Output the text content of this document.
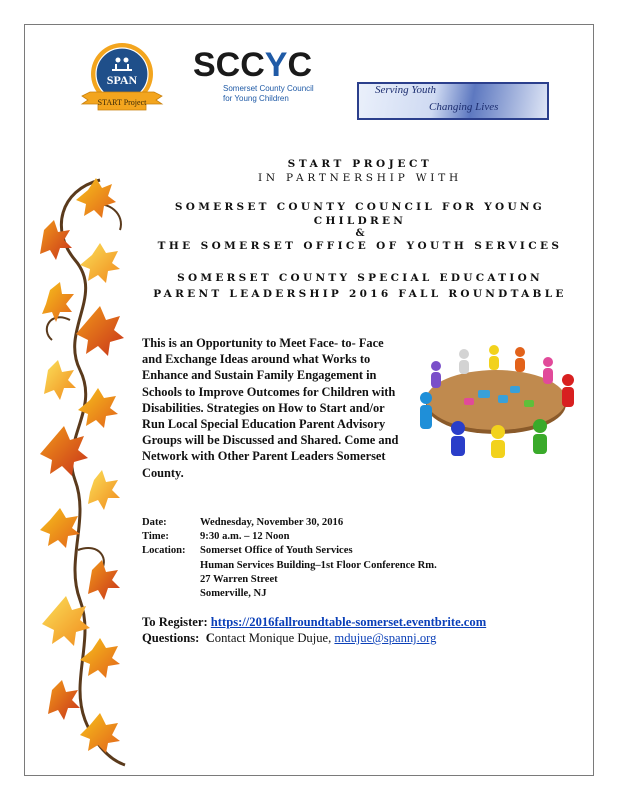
SPAN
START Project
SCCYC
Somerset County Council
for Young Children
Serving Youth
Changing Lives
START PROJECT
IN PARTNERSHIP WITH
SOMERSET COUNTY COUNCIL FOR YOUNG CHILDREN
&
THE SOMERSET OFFICE OF YOUTH SERVICES
SOMERSET COUNTY SPECIAL EDUCATION
PARENT LEADERSHIP 2016 FALL ROUNDTABLE
This is an Opportunity to Meet Face- to- Face and Exchange Ideas around what Works to Enhance and Sustain Family Engagement in Schools to Improve Outcomes for Children with Disabilities. Strategies on How to Start and/or Run Local Special Education Parent Advisory Groups will be Discussed and Shared. Come and Network with Other Parent Leaders Somerset County.
Date:	Wednesday, November 30, 2016
Time:	9:30 a.m. – 12 Noon
Location:	Somerset Office of Youth Services
Human Services Building–1st Floor Conference Rm.
27 Warren Street
Somerville, NJ
To Register: https://2016fallroundtable-somerset.eventbrite.com
Questions: Contact Monique Dujue, mdujue@spannj.org
